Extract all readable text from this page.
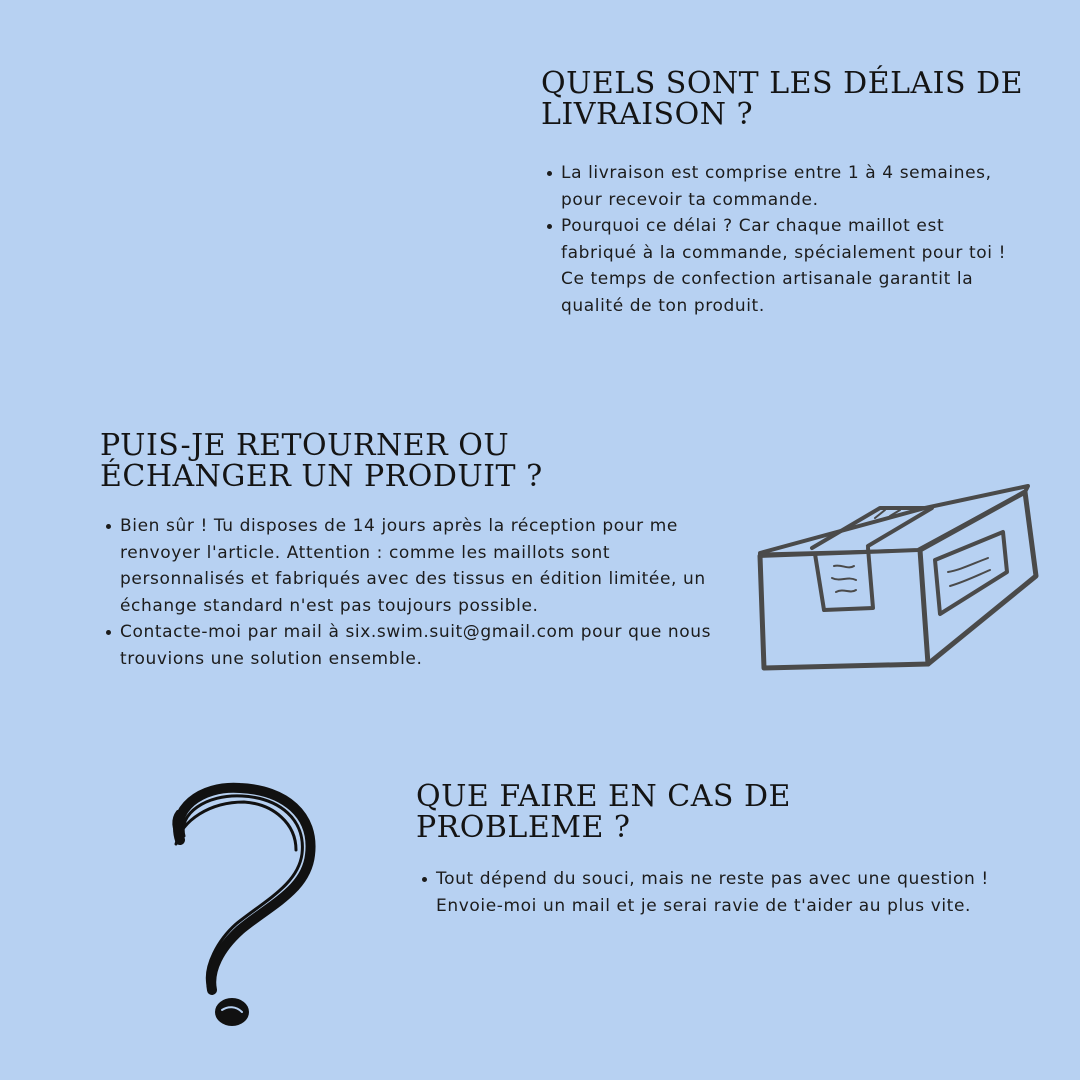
QUELS SONT LES DÉLAIS DE
LIVRAISON ?
La livraison est comprise entre 1 à 4 semaines, pour recevoir ta commande.
Pourquoi ce délai ? Car chaque maillot est fabriqué à la commande, spécialement pour toi ! Ce temps de confection artisanale garantit la qualité de ton produit.
PUIS-JE RETOURNER OU
ÉCHANGER UN PRODUIT ?
Bien sûr ! Tu disposes de 14 jours après la réception pour me renvoyer l'article. Attention : comme les maillots sont personnalisés et fabriqués avec des tissus en édition limitée, un échange standard n'est pas toujours possible.
Contacte-moi par mail à six.swim.suit@gmail.com pour que nous trouvions une solution ensemble.
QUE FAIRE EN CAS DE
PROBLEME ?
Tout dépend du souci, mais ne reste pas avec une question ! Envoie-moi un mail et je serai ravie de t'aider au plus vite.
